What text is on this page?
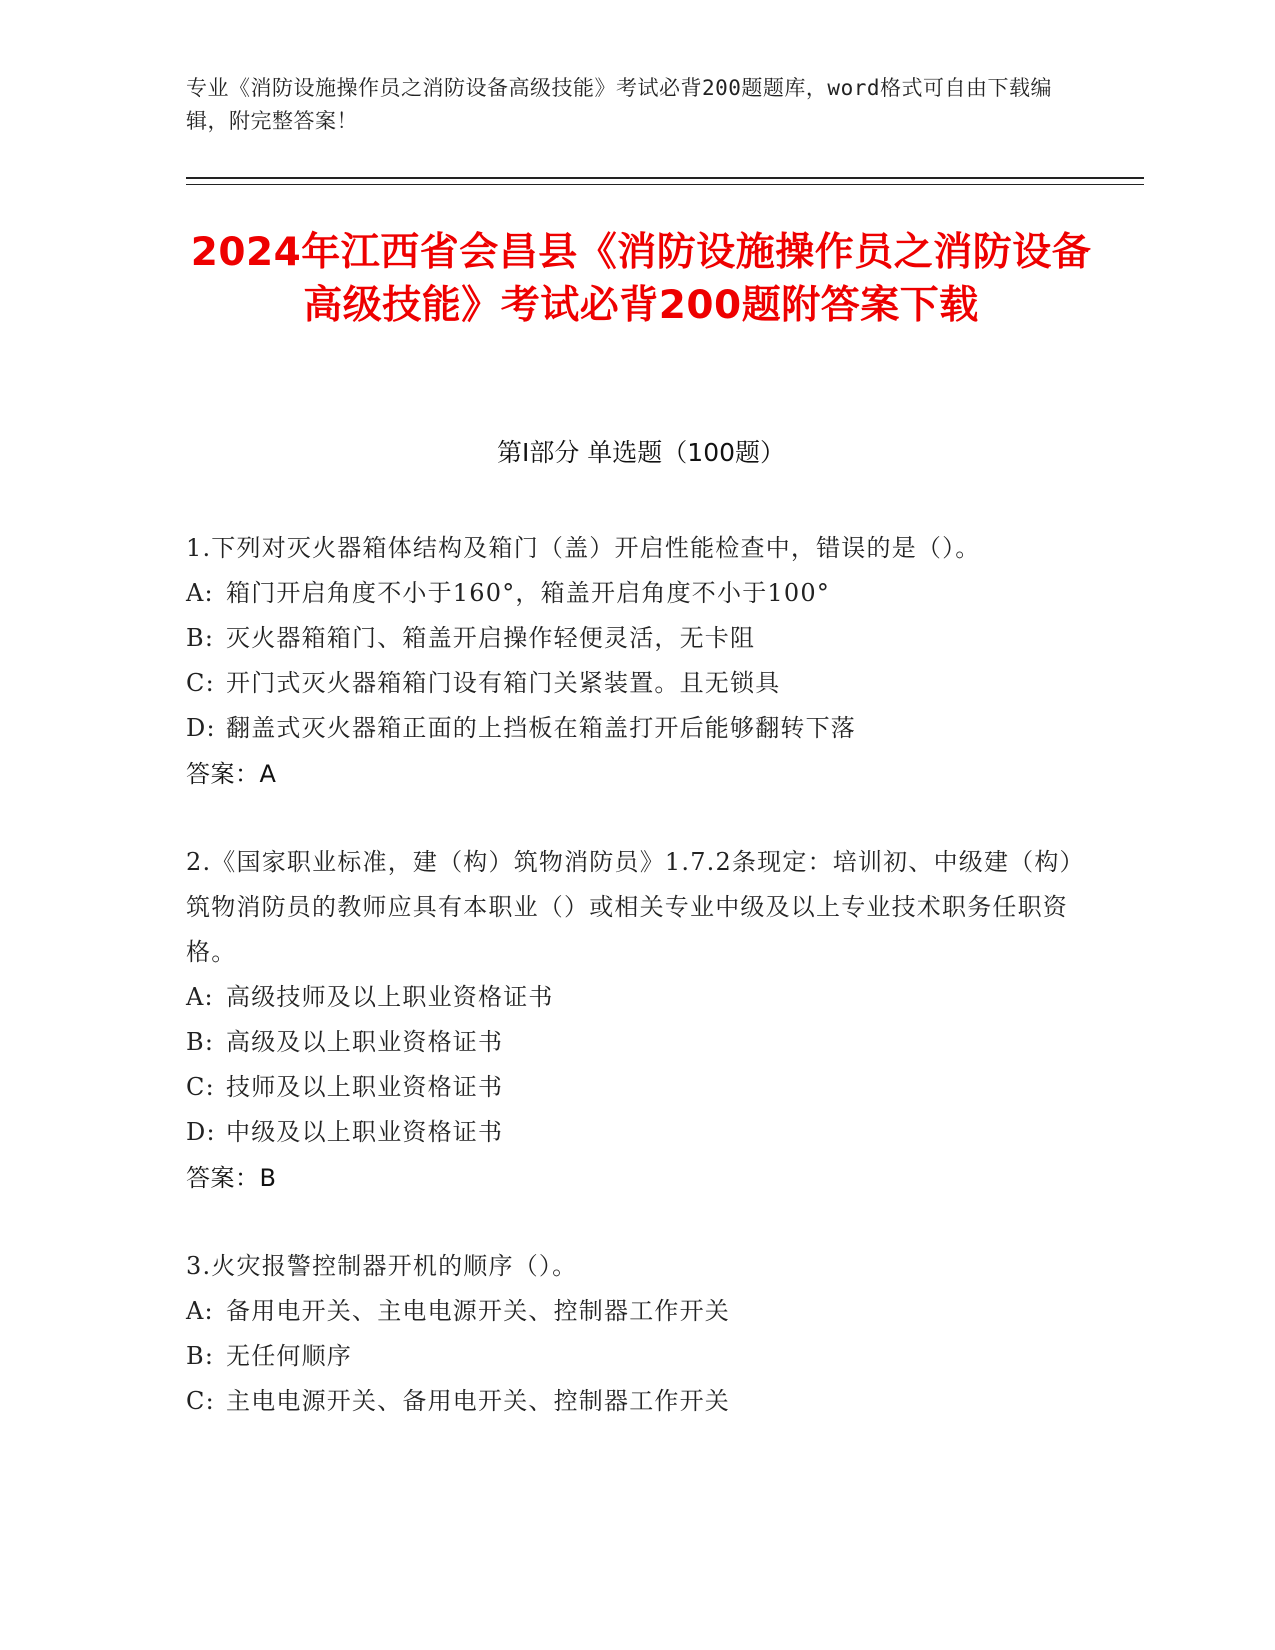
专业《消防设施操作员之消防设备高级技能》考试必背200题题库，word格式可自由下载编辑，附完整答案！
2024年江西省会昌县《消防设施操作员之消防设备高级技能》考试必背200题附答案下载
第I部分 单选题（100题）
1.下列对灭火器箱体结构及箱门（盖）开启性能检查中，错误的是（）。
A: 箱门开启角度不小于160°，箱盖开启角度不小于100°
B: 灭火器箱箱门、箱盖开启操作轻便灵活，无卡阻
C: 开门式灭火器箱箱门设有箱门关紧装置。且无锁具
D: 翻盖式灭火器箱正面的上挡板在箱盖打开后能够翻转下落
答案：A
2.《国家职业标准，建（构）筑物消防员》1.7.2条现定：培训初、中级建（构）筑物消防员的教师应具有本职业（）或相关专业中级及以上专业技术职务任职资格。
A: 高级技师及以上职业资格证书
B: 高级及以上职业资格证书
C: 技师及以上职业资格证书
D: 中级及以上职业资格证书
答案：B
3.火灾报警控制器开机的顺序（）。
A: 备用电开关、主电电源开关、控制器工作开关
B: 无任何顺序
C: 主电电源开关、备用电开关、控制器工作开关
